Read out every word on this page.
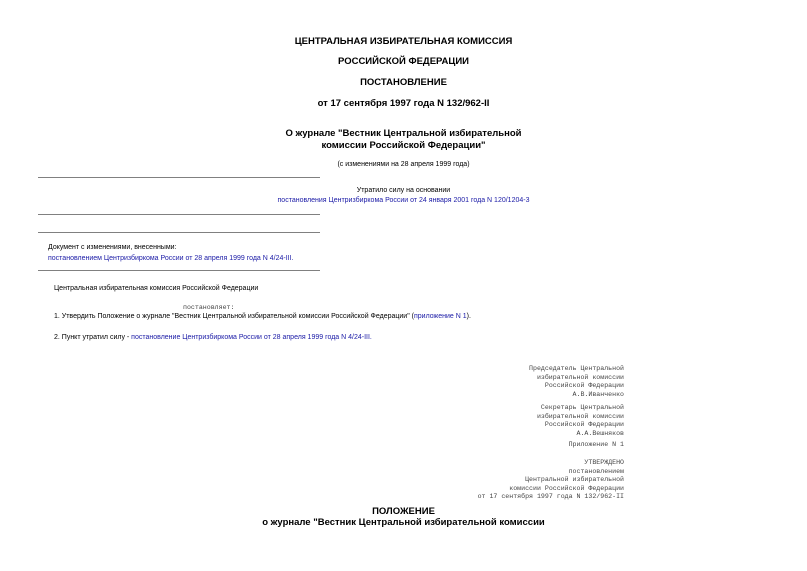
ЦЕНТРАЛЬНАЯ ИЗБИРАТЕЛЬНАЯ КОМИССИЯ
РОССИЙСКОЙ ФЕДЕРАЦИИ
ПОСТАНОВЛЕНИЕ
от 17 сентября 1997 года N 132/962-II
О журнале "Вестник Центральной избирательной
комиссии Российской Федерации"
(с изменениями на 28 апреля 1999 года)
Утратило силу на основании
постановления Центризбиркома России от 24 января 2001 года N 120/1204-3
Документ с изменениями, внесенными:
постановлением Центризбиркома России от 28 апреля 1999 года N 4/24-III.
Центральная избирательная комиссия Российской Федерации
постановляет:
1. Утвердить Положение о журнале "Вестник Центральной избирательной комиссии Российской Федерации" (приложение N 1).
2. Пункт утратил силу - постановление Центризбиркома России от 28 апреля 1999 года N 4/24-III.
Председатель Центральной
избирательной комиссии
Российской Федерации
А.В.Иванченко
Секретарь Центральной
избирательной комиссии
Российской Федерации
А.А.Вешняков
Приложение N 1
УТВЕРЖДЕНО
постановлением
Центральной избирательной
комиссии Российской Федерации
от 17 сентября 1997 года N 132/962-II
ПОЛОЖЕНИЕ
о журнале "Вестник Центральной избирательной комиссии
